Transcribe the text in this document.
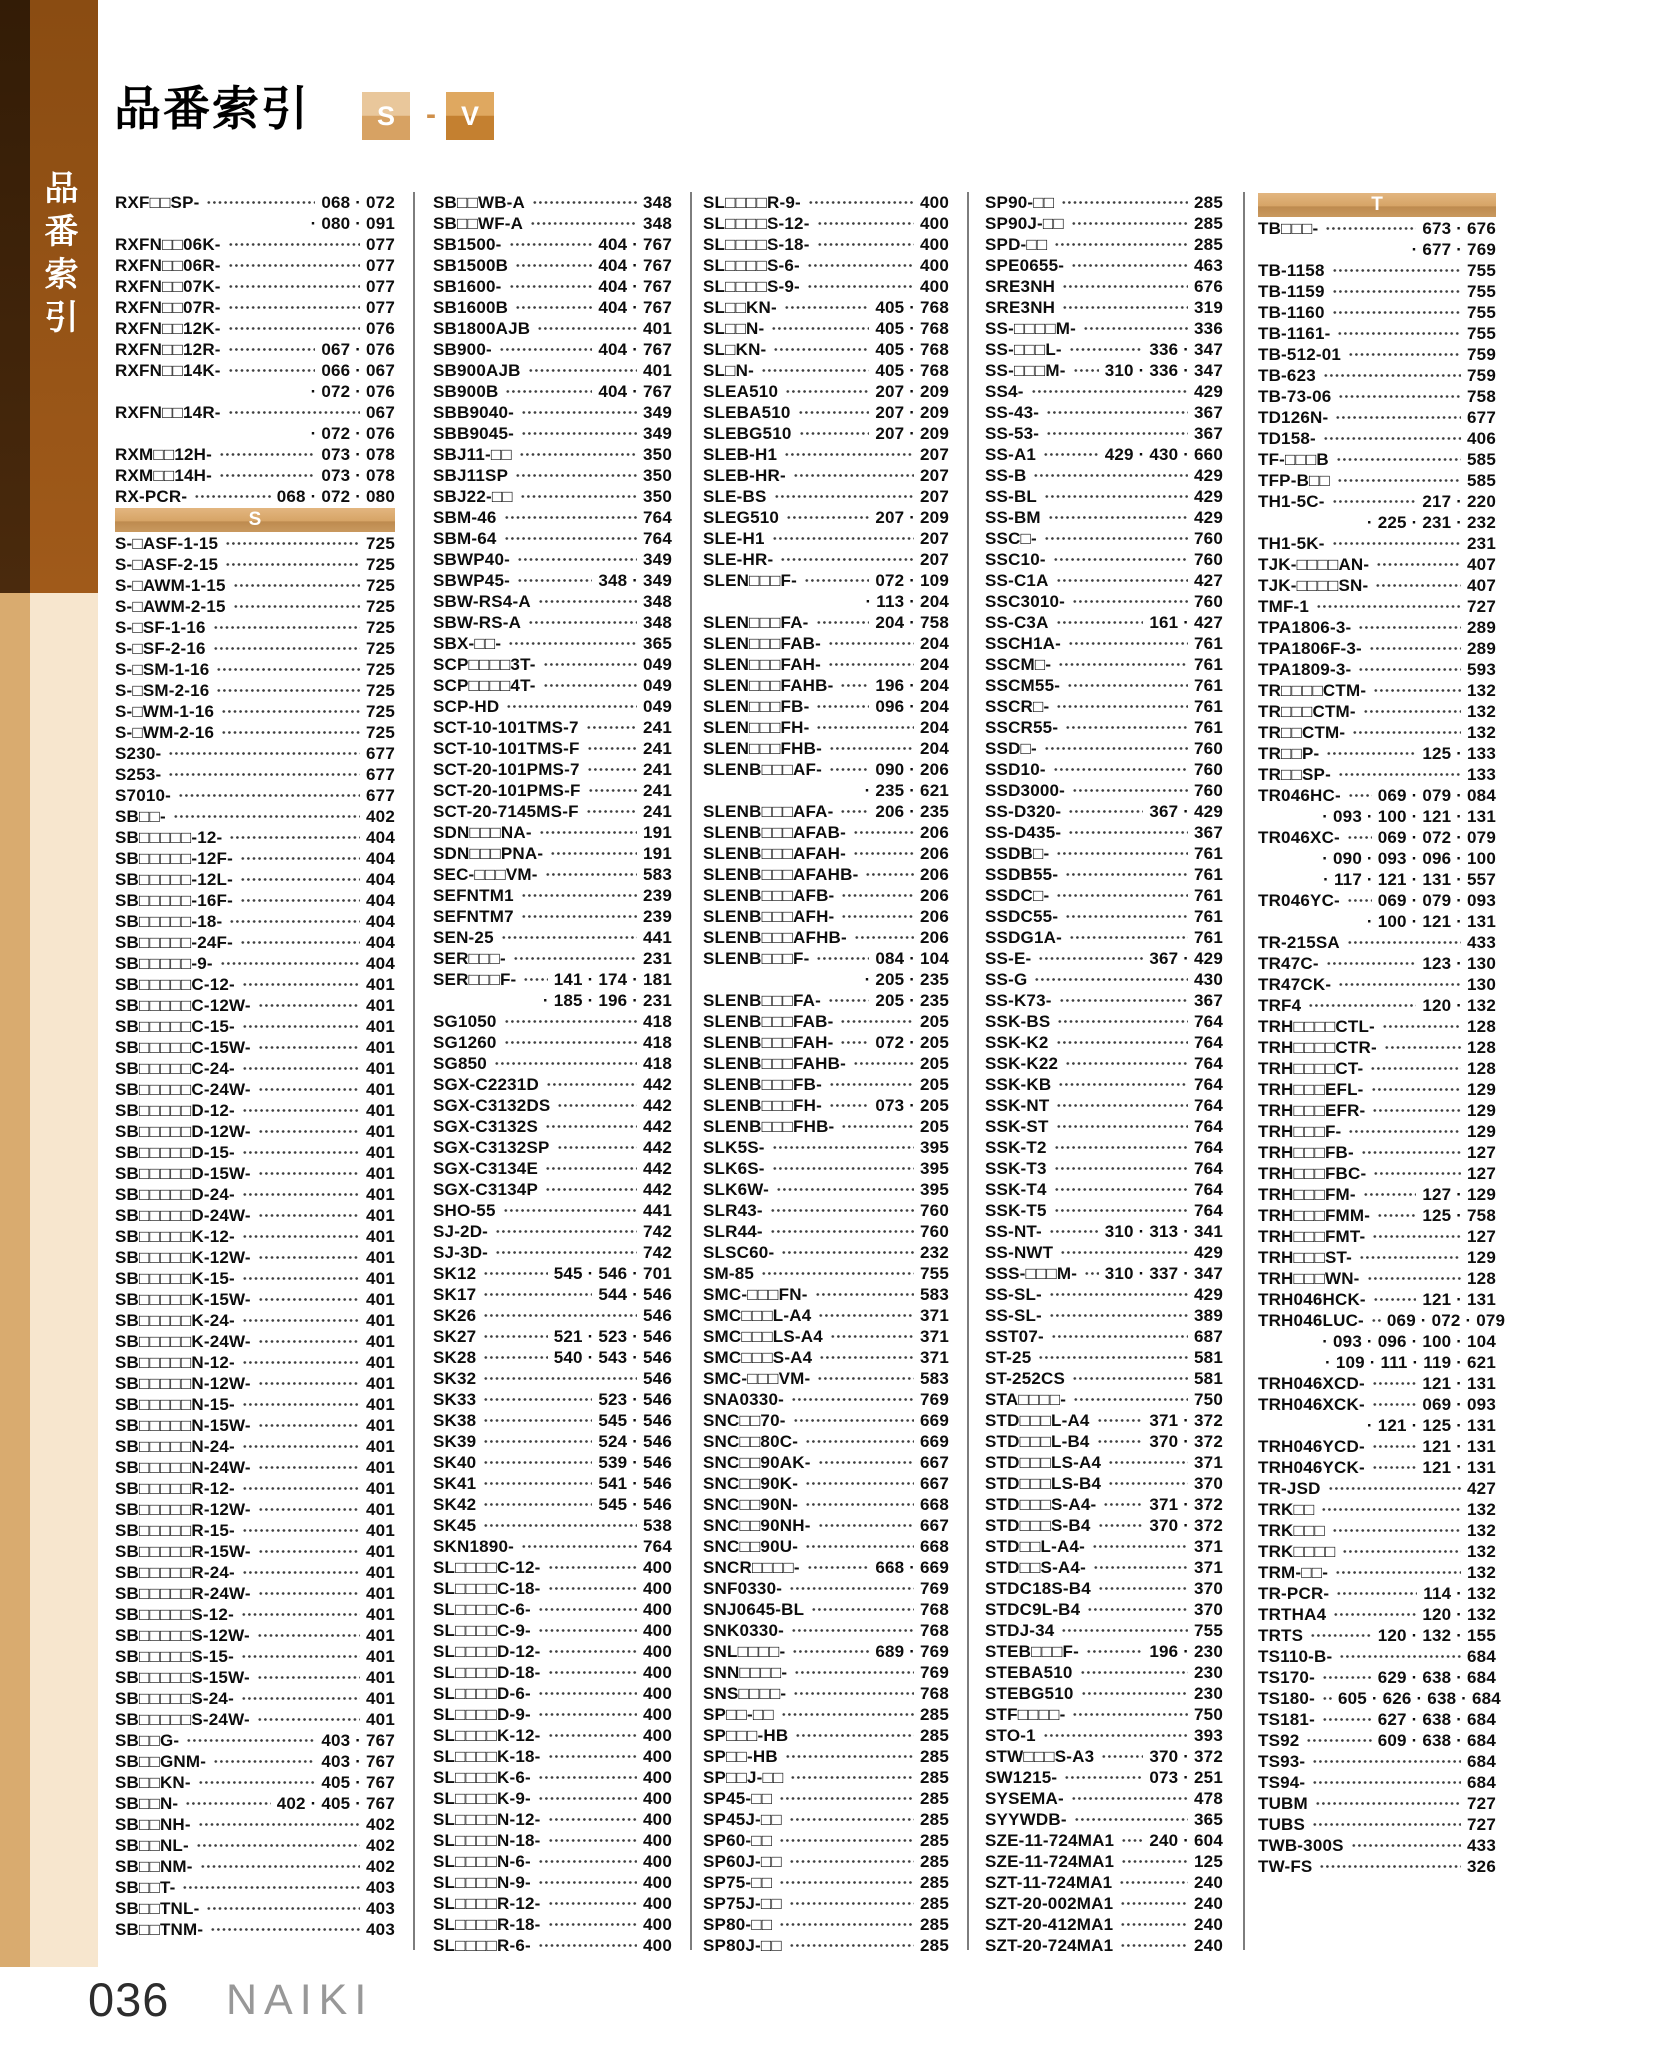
品番索引
品番索引	S	- V
RXF□□SP-	068 · 072
· 080 · 091
RXFN□□06K-	077
RXFN□□06R-	077
RXFN□□07K-	077
RXFN□□07R-	077
RXFN□□12K-	076
RXFN□□12R-	067 · 076
RXFN□□14K-	066 · 067
· 072 · 076
RXFN□□14R-	067
· 072 · 076
RXM□□12H-	073 · 078
RXM□□14H-	073 · 078
RX-PCR-	068 · 072 · 080
S
S-□ASF-1-15	725
S-□ASF-2-15	725
S-□AWM-1-15	725
S-□AWM-2-15	725
S-□SF-1-16	725
S-□SF-2-16	725
S-□SM-1-16	725
S-□SM-2-16	725
S-□WM-1-16	725
S-□WM-2-16	725
S230-	677
S253-	677
S7010-	677
SB□□-	402
SB□□□□□-12-	404
SB□□□□□-12F-	404
SB□□□□□-12L-	404
SB□□□□□-16F-	404
SB□□□□□-18-	404
SB□□□□□-24F-	404
SB□□□□□-9-	404
SB□□□□□C-12-	401
SB□□□□□C-12W-	401
SB□□□□□C-15-	401
SB□□□□□C-15W-	401
SB□□□□□C-24-	401
SB□□□□□C-24W-	401
SB□□□□□D-12-	401
SB□□□□□D-12W-	401
SB□□□□□D-15-	401
SB□□□□□D-15W-	401
SB□□□□□D-24-	401
SB□□□□□D-24W-	401
SB□□□□□K-12-	401
SB□□□□□K-12W-	401
SB□□□□□K-15-	401
SB□□□□□K-15W-	401
SB□□□□□K-24-	401
SB□□□□□K-24W-	401
SB□□□□□N-12-	401
SB□□□□□N-12W-	401
SB□□□□□N-15-	401
SB□□□□□N-15W-	401
SB□□□□□N-24-	401
SB□□□□□N-24W-	401
SB□□□□□R-12-	401
SB□□□□□R-12W-	401
SB□□□□□R-15-	401
SB□□□□□R-15W-	401
SB□□□□□R-24-	401
SB□□□□□R-24W-	401
SB□□□□□S-12-	401
SB□□□□□S-12W-	401
SB□□□□□S-15-	401
SB□□□□□S-15W-	401
SB□□□□□S-24-	401
SB□□□□□S-24W-	401
SB□□G-	403 · 767
SB□□GNM-	403 · 767
SB□□KN-	405 · 767
SB□□N-	402 · 405 · 767
SB□□NH-	402
SB□□NL-	402
SB□□NM-	402
SB□□T-	403
SB□□TNL-	403
SB□□TNM-	403
SB□□WB-A	348
SB□□WF-A	348
SB1500-	404 · 767
SB1500B	404 · 767
SB1600-	404 · 767
SB1600B	404 · 767
SB1800AJB	401
SB900-	404 · 767
SB900AJB	401
SB900B	404 · 767
SBB9040-	349
SBB9045-	349
SBJ11-□□	350
SBJ11SP	350
SBJ22-□□	350
SBM-46	764
SBM-64	764
SBWP40-	349
SBWP45-	348 · 349
SBW-RS4-A	348
SBW-RS-A	348
SBX-□□-	365
SCP□□□□3T-	049
SCP□□□□4T-	049
SCP-HD	049
SCT-10-101TMS-7	241
SCT-10-101TMS-F	241
SCT-20-101PMS-7	241
SCT-20-101PMS-F	241
SCT-20-7145MS-F	241
SDN□□□NA-	191
SDN□□□PNA-	191
SEC-□□□VM-	583
SEFNTM1	239
SEFNTM7	239
SEN-25	441
SER□□□-	231
SER□□□F- 141 · 174 · 181
· 185 · 196 · 231
SG1050	418
SG1260	418
SG850	418
SGX-C2231D	442
SGX-C3132DS	442
SGX-C3132S	442
SGX-C3132SP	442
SGX-C3134E	442
SGX-C3134P	442
SHO-55	441
SJ-2D-	742
SJ-3D-	742
SK12	545 · 546 · 701
SK17	544 · 546
SK26	546
SK27	521 · 523 · 546
SK28	540 · 543 · 546
SK32	546
SK33	523 · 546
SK38	545 · 546
SK39	524 · 546
SK40	539 · 546
SK41	541 · 546
SK42	545 · 546
SK45	538
SKN1890-	764
SL□□□□C-12-	400
SL□□□□C-18-	400
SL□□□□C-6-	400
SL□□□□C-9-	400
SL□□□□D-12-	400
SL□□□□D-18-	400
SL□□□□D-6-	400
SL□□□□D-9-	400
SL□□□□K-12-	400
SL□□□□K-18-	400
SL□□□□K-6-	400
SL□□□□K-9-	400
SL□□□□N-12-	400
SL□□□□N-18-	400
SL□□□□N-6-	400
SL□□□□N-9-	400
SL□□□□R-12-	400
SL□□□□R-18-	400
SL□□□□R-6-	400
SL□□□□R-9-	400
SL□□□□S-12-	400
SL□□□□S-18-	400
SL□□□□S-6-	400
SL□□□□S-9-	400
SL□□KN-	405 · 768
SL□□N-	405 · 768
SL□KN-	405 · 768
SL□N-	405 · 768
SLEA510	207 · 209
SLEBA510	207 · 209
SLEBG510	207 · 209
SLEB-H1	207
SLEB-HR-	207
SLE-BS	207
SLEG510	207 · 209
SLE-H1	207
SLE-HR-	207
SLEN□□□F-	072 · 109
· 113 · 204
SLEN□□□FA-	204 · 758
SLEN□□□FAB-	204
SLEN□□□FAH-	204
SLEN□□□FAHB- 196 · 204
SLEN□□□FB-	096 · 204
SLEN□□□FH-	204
SLEN□□□FHB-	204
SLENB□□□AF-	090 · 206
· 235 · 621
SLENB□□□AFA- 206 · 235
SLENB□□□AFAB-	206
SLENB□□□AFAH-	206
SLENB□□□AFAHB-	206
SLENB□□□AFB-	206
SLENB□□□AFH-	206
SLENB□□□AFHB-	206
SLENB□□□F-	084 · 104
· 205 · 235
SLENB□□□FA-	205 · 235
SLENB□□□FAB-	205
SLENB□□□FAH- 072 · 205
SLENB□□□FAHB-	205
SLENB□□□FB-	205
SLENB□□□FH-	073 · 205
SLENB□□□FHB-	205
SLK5S-	395
SLK6S-	395
SLK6W-	395
SLR43-	760
SLR44-	760
SLSC60-	232
SM-85	755
SMC-□□□FN-	583
SMC□□□L-A4	371
SMC□□□LS-A4	371
SMC□□□S-A4	371
SMC-□□□VM-	583
SNA0330-	769
SNC□□70-	669
SNC□□80C-	669
SNC□□90AK-	667
SNC□□90K-	667
SNC□□90N-	668
SNC□□90NH-	667
SNC□□90U-	668
SNCR□□□□-	668 · 669
SNF0330-	769
SNJ0645-BL	768
SNK0330-	768
SNL□□□□-	689 · 769
SNN□□□□-	769
SNS□□□□-	768
SP□□-□□	285
SP□□□-HB	285
SP□□-HB	285
SP□□J-□□	285
SP45-□□	285
SP45J-□□	285
SP60-□□	285
SP60J-□□	285
SP75-□□	285
SP75J-□□	285
SP80-□□	285
SP80J-□□	285
SP90-□□	285
SP90J-□□	285
SPD-□□	285
SPE0655-	463
SRE3NH	676
SRE3NH	319
SS-□□□□M-	336
SS-□□□L-	336 · 347
SS-□□□M- 310 · 336 · 347
SS4-	429
SS-43-	367
SS-53-	367
SS-A1	429 · 430 · 660
SS-B	429
SS-BL	429
SS-BM	429
SSC□-	760
SSC10-	760
SS-C1A	427
SSC3010-	760
SS-C3A	161 · 427
SSCH1A-	761
SSCM□-	761
SSCM55-	761
SSCR□-	761
SSCR55-	761
SSD□-	760
SSD10-	760
SSD3000-	760
SS-D320-	367 · 429
SS-D435-	367
SSDB□-	761
SSDB55-	761
SSDC□-	761
SSDC55-	761
SSDG1A-	761
SS-E-	367 · 429
SS-G	430
SS-K73-	367
SSK-BS	764
SSK-K2	764
SSK-K22	764
SSK-KB	764
SSK-NT	764
SSK-ST	764
SSK-T2	764
SSK-T3	764
SSK-T4	764
SSK-T5	764
SS-NT-	310 · 313 · 341
SS-NWT	429
SSS-□□□M- 310 · 337 · 347
SS-SL-	429
SS-SL-	389
SST07-	687
ST-25	581
ST-252CS	581
STA□□□□-	750
STD□□□L-A4	371 · 372
STD□□□L-B4	370 · 372
STD□□□LS-A4	371
STD□□□LS-B4	370
STD□□□S-A4-	371 · 372
STD□□□S-B4	370 · 372
STD□□L-A4-	371
STD□□S-A4-	371
STDC18S-B4	370
STDC9L-B4	370
STDJ-34	755
STEB□□□F-	196 · 230
STEBA510	230
STEBG510	230
STF□□□□-	750
STO-1	393
STW□□□S-A3	370 · 372
SW1215-	073 · 251
SYSEMA-	478
SYYWDB-	365
SZE-11-724MA1 240 · 604
SZE-11-724MA1	125
SZT-11-724MA1	240
SZT-20-002MA1	240
SZT-20-412MA1	240
SZT-20-724MA1	240
T
TB□□□-	673 · 676
· 677 · 769
TB-1158	755
TB-1159	755
TB-1160	755
TB-1161-	755
TB-512-01	759
TB-623	759
TB-73-06	758
TD126N-	677
TD158-	406
TF-□□□B	585
TFP-B□□	585
TH1-5C-	217 · 220
· 225 · 231 · 232
TH1-5K-	231
TJK-□□□□AN-	407
TJK-□□□□SN-	407
TMF-1	727
TPA1806-3-	289
TPA1806F-3-	289
TPA1809-3-	593
TR□□□□CTM-	132
TR□□□CTM-	132
TR□□CTM-	132
TR□□P-	125 · 133
TR□□SP-	133
TR046HC- 069 · 079 · 084
· 093 · 100 · 121 · 131
TR046XC- 069 · 072 · 079
· 090 · 093 · 096 · 100
· 117 · 121 · 131 · 557
TR046YC- 069 · 079 · 093
· 100 · 121 · 131
TR-215SA	433
TR47C-	123 · 130
TR47CK-	130
TRF4	120 · 132
TRH□□□□CTL-	128
TRH□□□□CTR-	128
TRH□□□□CT-	128
TRH□□□EFL-	129
TRH□□□EFR-	129
TRH□□□F-	129
TRH□□□FB-	127
TRH□□□FBC-	127
TRH□□□FM-	127 · 129
TRH□□□FMM-	125 · 758
TRH□□□FMT-	127
TRH□□□ST-	129
TRH□□□WN-	128
TRH046HCK-	121 · 131
TRH046LUC- 069 · 072 · 079
· 093 · 096 · 100 · 104
· 109 · 111 · 119 · 621
TRH046XCD-	121 · 131
TRH046XCK-	069 · 093
· 121 · 125 · 131
TRH046YCD-	121 · 131
TRH046YCK-	121 · 131
TR-JSD	427
TRK□□	132
TRK□□□	132
TRK□□□□	132
TRM-□□-	132
TR-PCR-	114 · 132
TRTHA4	120 · 132
TRTS	120 · 132 · 155
TS110-B-	684
TS170-	629 · 638 · 684
TS180- 605 · 626 · 638 · 684
TS181-	627 · 638 · 684
TS92	609 · 638 · 684
TS93-	684
TS94-	684
TUBM	727
TUBS	727
TWB-300S	433
TW-FS	326
036 NAIKI
